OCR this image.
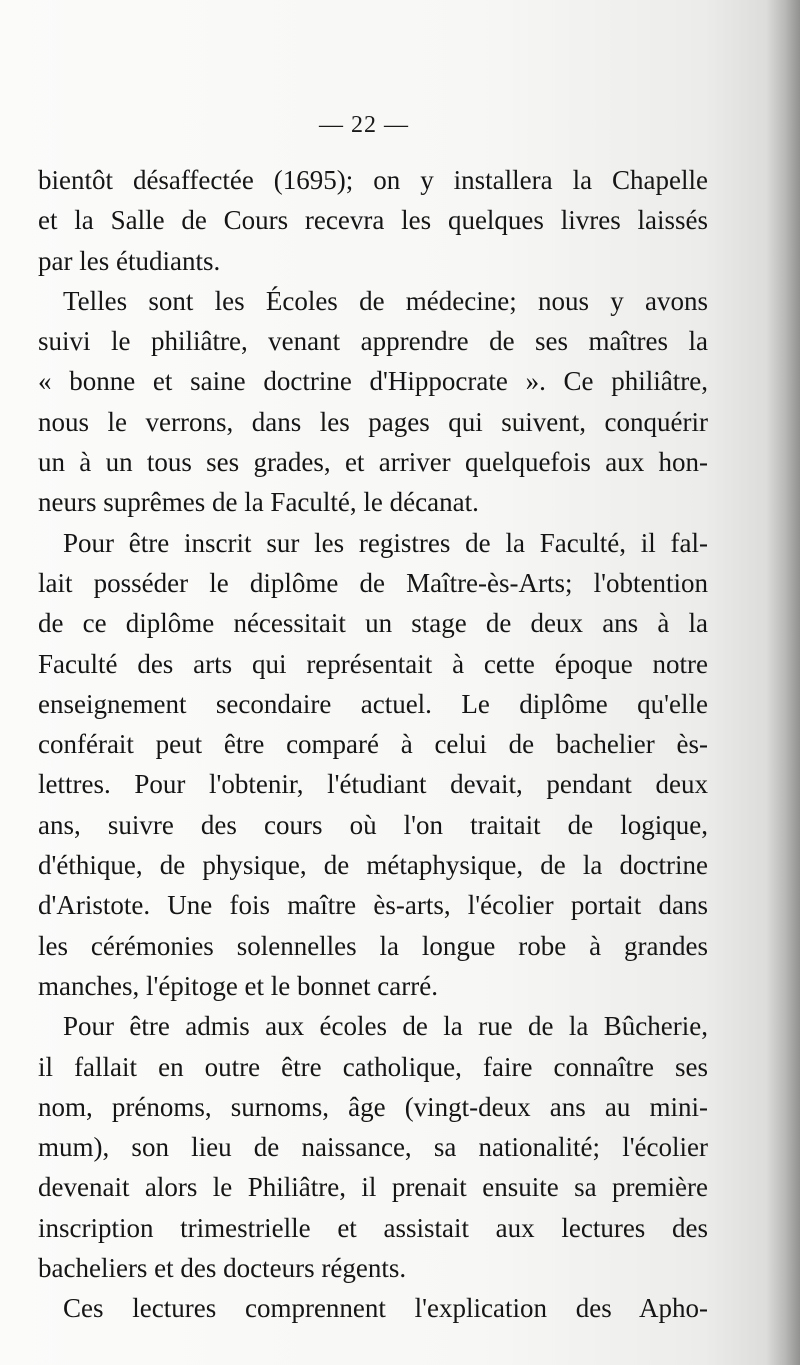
— 22 —
bientôt désaffectée (1695); on y installera la Chapelle
et la Salle de Cours recevra les quelques livres laissés
par les étudiants.
Telles sont les Écoles de médecine; nous y avons
suivi le philiâtre, venant apprendre de ses maîtres la
« bonne et saine doctrine d'Hippocrate ». Ce philiâtre,
nous le verrons, dans les pages qui suivent, conquérir
un à un tous ses grades, et arriver quelquefois aux hon-
neurs suprêmes de la Faculté, le décanat.
Pour être inscrit sur les registres de la Faculté, il fal-
lait posséder le diplôme de Maître-ès-Arts; l'obtention
de ce diplôme nécessitait un stage de deux ans à la
Faculté des arts qui représentait à cette époque notre
enseignement secondaire actuel. Le diplôme qu'elle
conférait peut être comparé à celui de bachelier ès-
lettres. Pour l'obtenir, l'étudiant devait, pendant deux
ans, suivre des cours où l'on traitait de logique,
d'éthique, de physique, de métaphysique, de la doctrine
d'Aristote. Une fois maître ès-arts, l'écolier portait dans
les cérémonies solennelles la longue robe à grandes
manches, l'épitoge et le bonnet carré.
Pour être admis aux écoles de la rue de la Bûcherie,
il fallait en outre être catholique, faire connaître ses
nom, prénoms, surnoms, âge (vingt-deux ans au mini-
mum), son lieu de naissance, sa nationalité; l'écolier
devenait alors le Philiâtre, il prenait ensuite sa première
inscription trimestrielle et assistait aux lectures des
bacheliers et des docteurs régents.
Ces lectures comprennent l'explication des Apho-
